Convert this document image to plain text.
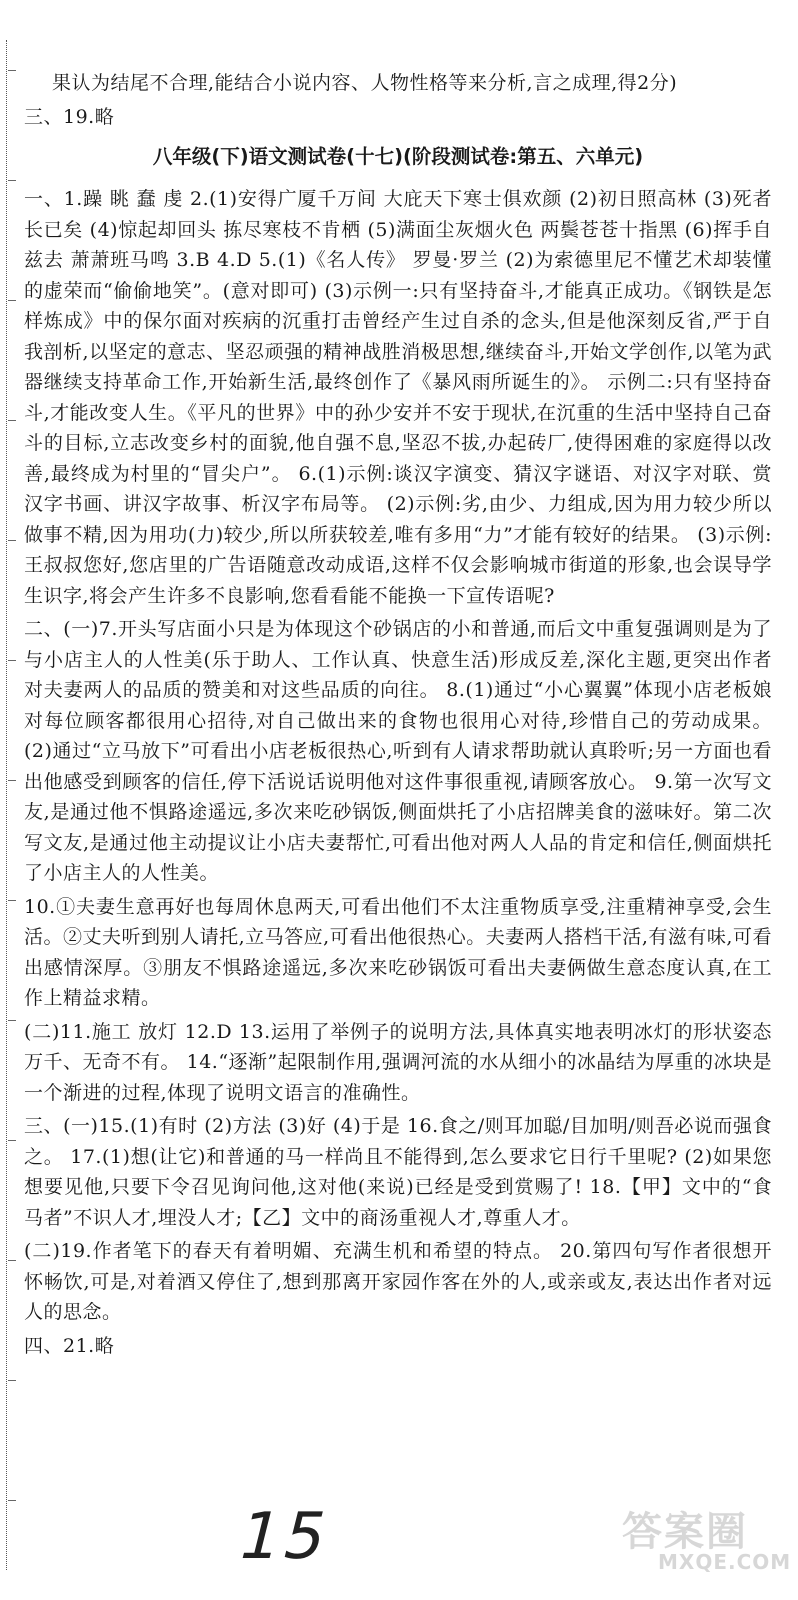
果认为结尾不合理,能结合小说内容、人物性格等来分析,言之成理,得2分)

三、19.略

八年级(下)语文测试卷(十七)(阶段测试卷:第五、六单元)

一、1.躁 眺 蠢 虔 2.(1)安得广厦千万间 大庇天下寒士俱欢颜 (2)初日照高林 (3)死者长已矣 (4)惊起却回头 拣尽寒枝不肯栖 (5)满面尘灰烟火色 两鬓苍苍十指黑 (6)挥手自兹去 萧萧班马鸣 3.B 4.D 5.(1)《名人传》 罗曼·罗兰 (2)为索德里尼不懂艺术却装懂的虚荣而“偷偷地笑”。(意对即可) (3)示例一:只有坚持奋斗,才能真正成功。《钢铁是怎样炼成》中的保尔面对疾病的沉重打击曾经产生过自杀的念头,但是他深刻反省,严于自我剖析,以坚定的意志、坚忍顽强的精神战胜消极思想,继续奋斗,开始文学创作,以笔为武器继续支持革命工作,开始新生活,最终创作了《暴风雨所诞生的》。 示例二:只有坚持奋斗,才能改变人生。《平凡的世界》中的孙少安并不安于现状,在沉重的生活中坚持自己奋斗的目标,立志改变乡村的面貌,他自强不息,坚忍不拔,办起砖厂,使得困难的家庭得以改善,最终成为村里的“冒尖户”。 6.(1)示例:谈汉字演变、猜汉字谜语、对汉字对联、赏汉字书画、讲汉字故事、析汉字布局等。 (2)示例:劣,由少、力组成,因为用力较少所以做事不精,因为用功(力)较少,所以所获较差,唯有多用“力”才能有较好的结果。 (3)示例:王叔叔您好,您店里的广告语随意改动成语,这样不仅会影响城市街道的形象,也会误导学生识字,将会产生许多不良影响,您看看能不能换一下宣传语呢?

二、(一)7.开头写店面小只是为体现这个砂锅店的小和普通,而后文中重复强调则是为了与小店主人的人性美(乐于助人、工作认真、快意生活)形成反差,深化主题,更突出作者对夫妻两人的品质的赞美和对这些品质的向往。 8.(1)通过“小心翼翼”体现小店老板娘对每位顾客都很用心招待,对自己做出来的食物也很用心对待,珍惜自己的劳动成果。 (2)通过“立马放下”可看出小店老板很热心,听到有人请求帮助就认真聆听;另一方面也看出他感受到顾客的信任,停下活说话说明他对这件事很重视,请顾客放心。 9.第一次写文友,是通过他不惧路途遥远,多次来吃砂锅饭,侧面烘托了小店招牌美食的滋味好。第二次写文友,是通过他主动提议让小店夫妻帮忙,可看出他对两人人品的肯定和信任,侧面烘托了小店主人的人性美。

10.①夫妻生意再好也每周休息两天,可看出他们不太注重物质享受,注重精神享受,会生活。②丈夫听到别人请托,立马答应,可看出他很热心。夫妻两人搭档干活,有滋有味,可看出感情深厚。③朋友不惧路途遥远,多次来吃砂锅饭可看出夫妻俩做生意态度认真,在工作上精益求精。

(二)11.施工 放灯 12.D 13.运用了举例子的说明方法,具体真实地表明冰灯的形状姿态万千、无奇不有。 14.“逐渐”起限制作用,强调河流的水从细小的冰晶结为厚重的冰块是一个渐进的过程,体现了说明文语言的准确性。

三、(一)15.(1)有时 (2)方法 (3)好 (4)于是 16.食之/则耳加聪/目加明/则吾必说而强食之。 17.(1)想(让它)和普通的马一样尚且不能得到,怎么要求它日行千里呢? (2)如果您想要见他,只要下令召见询问他,这对他(来说)已经是受到赏赐了! 18.【甲】文中的“食马者”不识人才,埋没人才;【乙】文中的商汤重视人才,尊重人才。

(二)19.作者笔下的春天有着明媚、充满生机和希望的特点。 20.第四句写作者很想开怀畅饮,可是,对着酒又停住了,想到那离开家园作客在外的人,或亲或友,表达出作者对远人的思念。

四、21.略

15	答案圈
MXQE.COM
